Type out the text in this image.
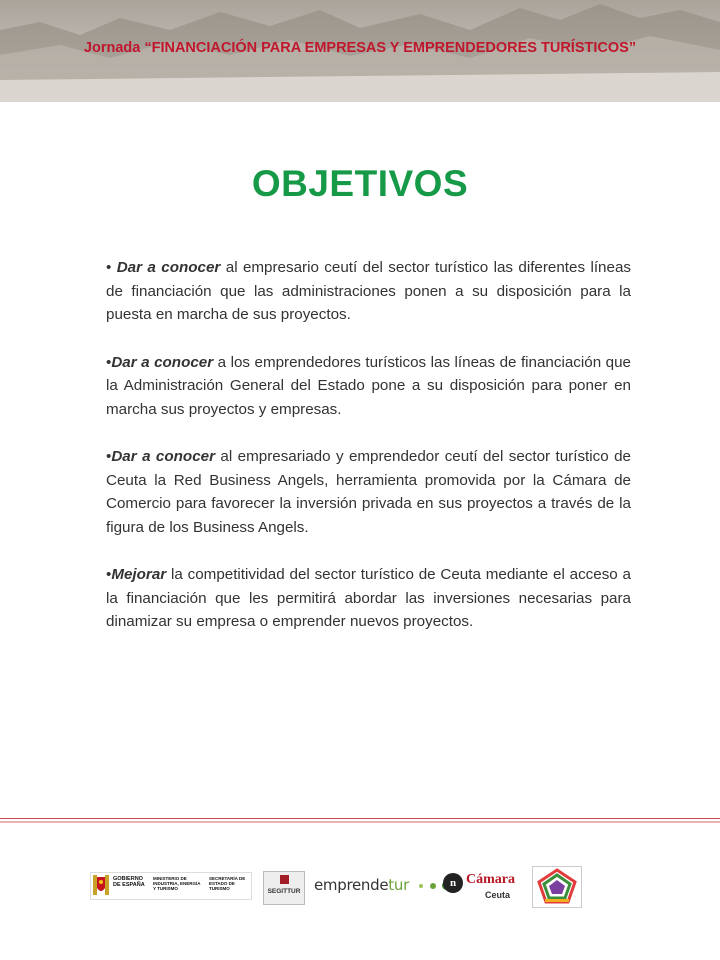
Jornada “FINANCIACIÓN PARA EMPRESAS Y EMPRENDEDORES TURÍSTICOS”
OBJETIVOS

• Dar a conocer al empresario ceutí del sector turístico las diferentes líneas de financiación que las administraciones ponen a su disposición para la puesta en marcha de sus proyectos.

•Dar a conocer a los emprendedores turísticos las líneas de financiación que la Administración General del Estado pone a su disposición para poner en marcha sus proyectos y empresas.

•Dar a conocer al empresariado y emprendedor ceutí del sector turístico de Ceuta la Red Business Angels, herramienta promovida por la Cámara de Comercio para favorecer la inversión privada en sus proyectos a través de la figura de los Business Angels.

•Mejorar la competitividad del sector turístico de Ceuta mediante el acceso a la financiación que les permitirá abordar las inversiones necesarias para dinamizar su empresa o emprender nuevos proyectos.

GOBIERNO DE ESPAÑA
MINISTERIO DE INDUSTRIA, ENERGÍA Y TURISMO
SECRETARÍA DE ESTADO DE TURISMO	SEGITTUR emprendetur	n Cámara
Ceuta
